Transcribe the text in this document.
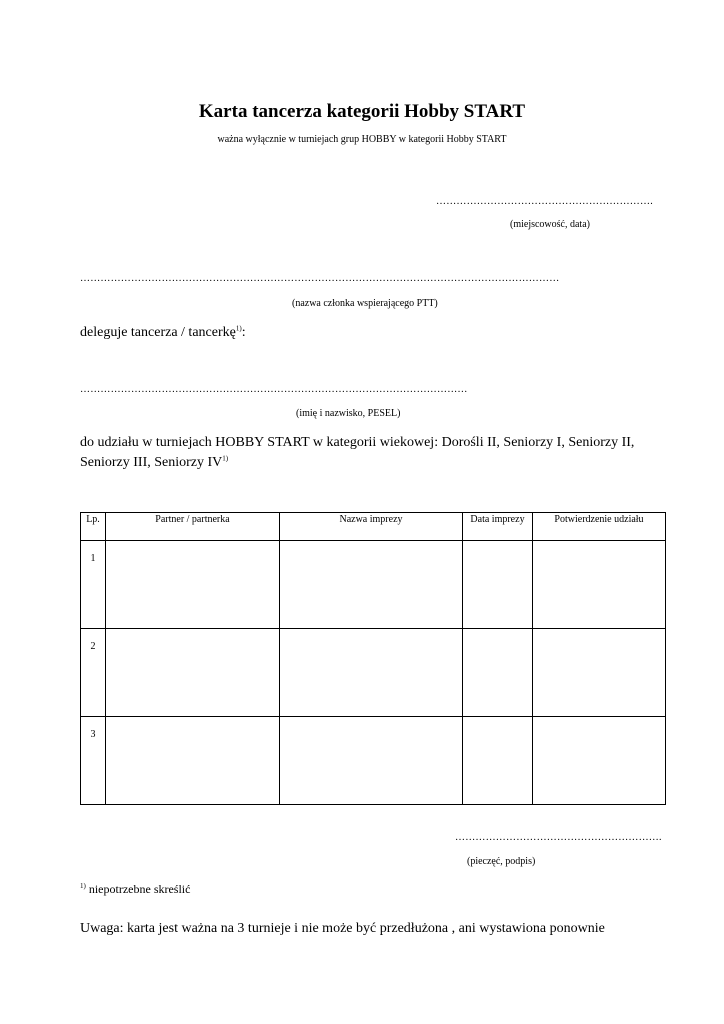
Karta tancerza kategorii Hobby START
ważna wyłącznie w turniejach grup HOBBY w kategorii Hobby START
……………………………………………………….
(miejscowość, data)
……………………………………………………………………………………………………………………………
(nazwa członka wspierającego PTT)
deleguje tancerza / tancerkę$^{1)}$:
……………………………………………………………………………………………………
(imię i nazwisko, PESEL)
do udziału w turniejach HOBBY START w kategorii wiekowej: Dorośli II, Seniorzy I, Seniorzy II,
Seniorzy III, Seniorzy IV$^{1)}$
Lp.	Partner / partnerka	Nazwa imprezy	Data imprezy	Potwierdzenie udziału
1				
2				
3				
…………………………………………………….
(pieczęć, podpis)
$^{1)}$ niepotrzebne skreślić
Uwaga: karta jest ważna na 3 turnieje i nie może być przedłużona , ani wystawiona ponownie
